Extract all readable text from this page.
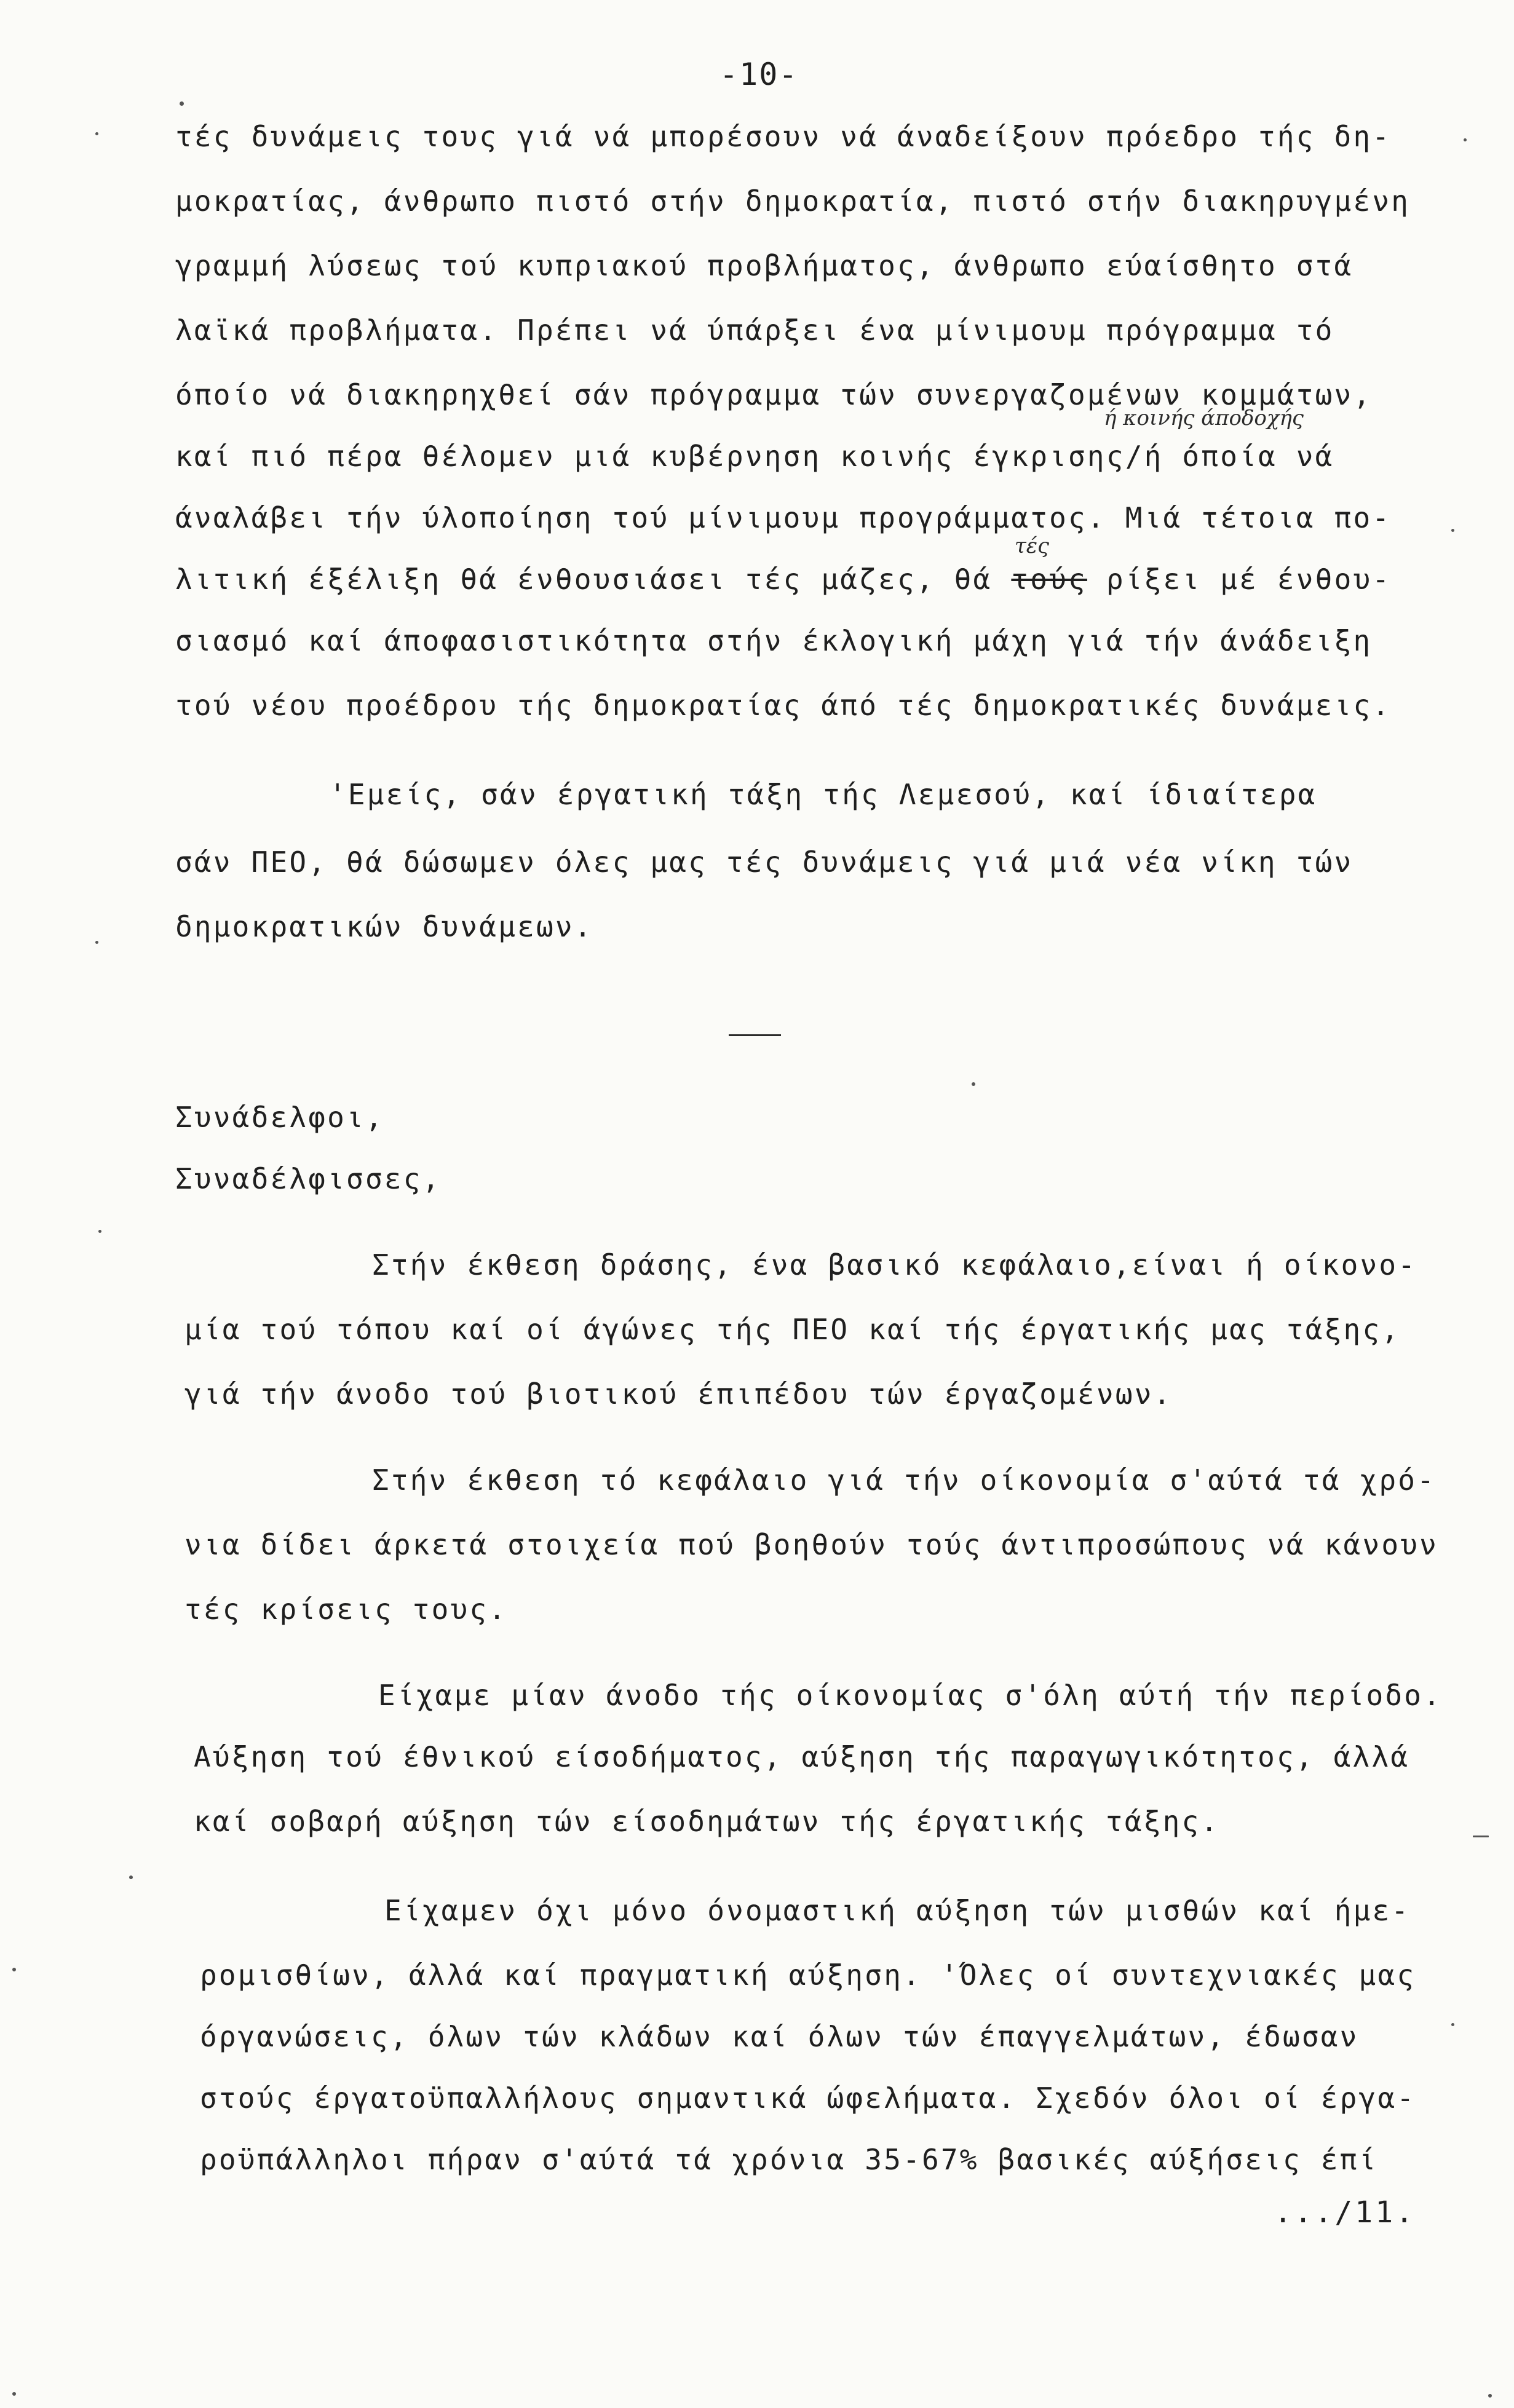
-10-
τές δυνάμεις τους γιά νά μπορέσουν νά άναδείξουν πρόεδρο τής δη-
μοκρατίας, άνθρωπο πιστό στήν δημοκρατία, πιστό στήν διακηρυγμένη
γραμμή λύσεως τού κυπριακού προβλήματος, άνθρωπο εύαίσθητο στά
λαϊκά προβλήματα. Πρέπει νά ύπάρξει ένα μίνιμουμ πρόγραμμα τό
όποίο νά διακηρηχθεί σάν πρόγραμμα τών συνεργαζομένων κομμάτων,
ή κοινής άποδοχής
καί πιό πέρα θέλομεν μιά κυβέρνηση κοινής έγκρισης/ή όποία νά
άναλάβει τήν ύλοποίηση τού μίνιμουμ προγράμματος. Μιά τέτοια πο-
τές
λιτική έξέλιξη θά ένθουσιάσει τές μάζες, θά τούς ρίξει μέ ένθου-
σιασμό καί άποφασιστικότητα στήν έκλογική μάχη γιά τήν άνάδειξη
τού νέου προέδρου τής δημοκρατίας άπό τές δημοκρατικές δυνάμεις.
'Εμείς, σάν έργατική τάξη τής Λεμεσού, καί ίδιαίτερα
σάν ΠΕΟ, θά δώσωμεν όλες μας τές δυνάμεις γιά μιά νέα νίκη τών
δημοκρατικών δυνάμεων.
Συνάδελφοι,
Συναδέλφισσες,
Στήν έκθεση δράσης, ένα βασικό κεφάλαιο,είναι ή οίκονο-
μία τού τόπου καί οί άγώνες τής ΠΕΟ καί τής έργατικής μας τάξης,
γιά τήν άνοδο τού βιοτικού έπιπέδου τών έργαζομένων.
Στήν έκθεση τό κεφάλαιο γιά τήν οίκονομία σ'αύτά τά χρό-
νια δίδει άρκετά στοιχεία πού βοηθούν τούς άντιπροσώπους νά κάνουν
τές κρίσεις τους.
Είχαμε μίαν άνοδο τής οίκονομίας σ'όλη αύτή τήν περίοδο.
Αύξηση τού έθνικού είσοδήματος, αύξηση τής παραγωγικότητος, άλλά
καί σοβαρή αύξηση τών είσοδημάτων τής έργατικής τάξης.
Είχαμεν όχι μόνο όνομαστική αύξηση τών μισθών καί ήμε-
ρομισθίων, άλλά καί πραγματική αύξηση. 'Όλες οί συντεχνιακές μας
όργανώσεις, όλων τών κλάδων καί όλων τών έπαγγελμάτων, έδωσαν
στούς έργατοϋπαλλήλους σημαντικά ώφελήματα. Σχεδόν όλοι οί έργα-
ροϋπάλληλοι πήραν σ'αύτά τά χρόνια 35-67% βασικές αύξήσεις έπί
.../11.
